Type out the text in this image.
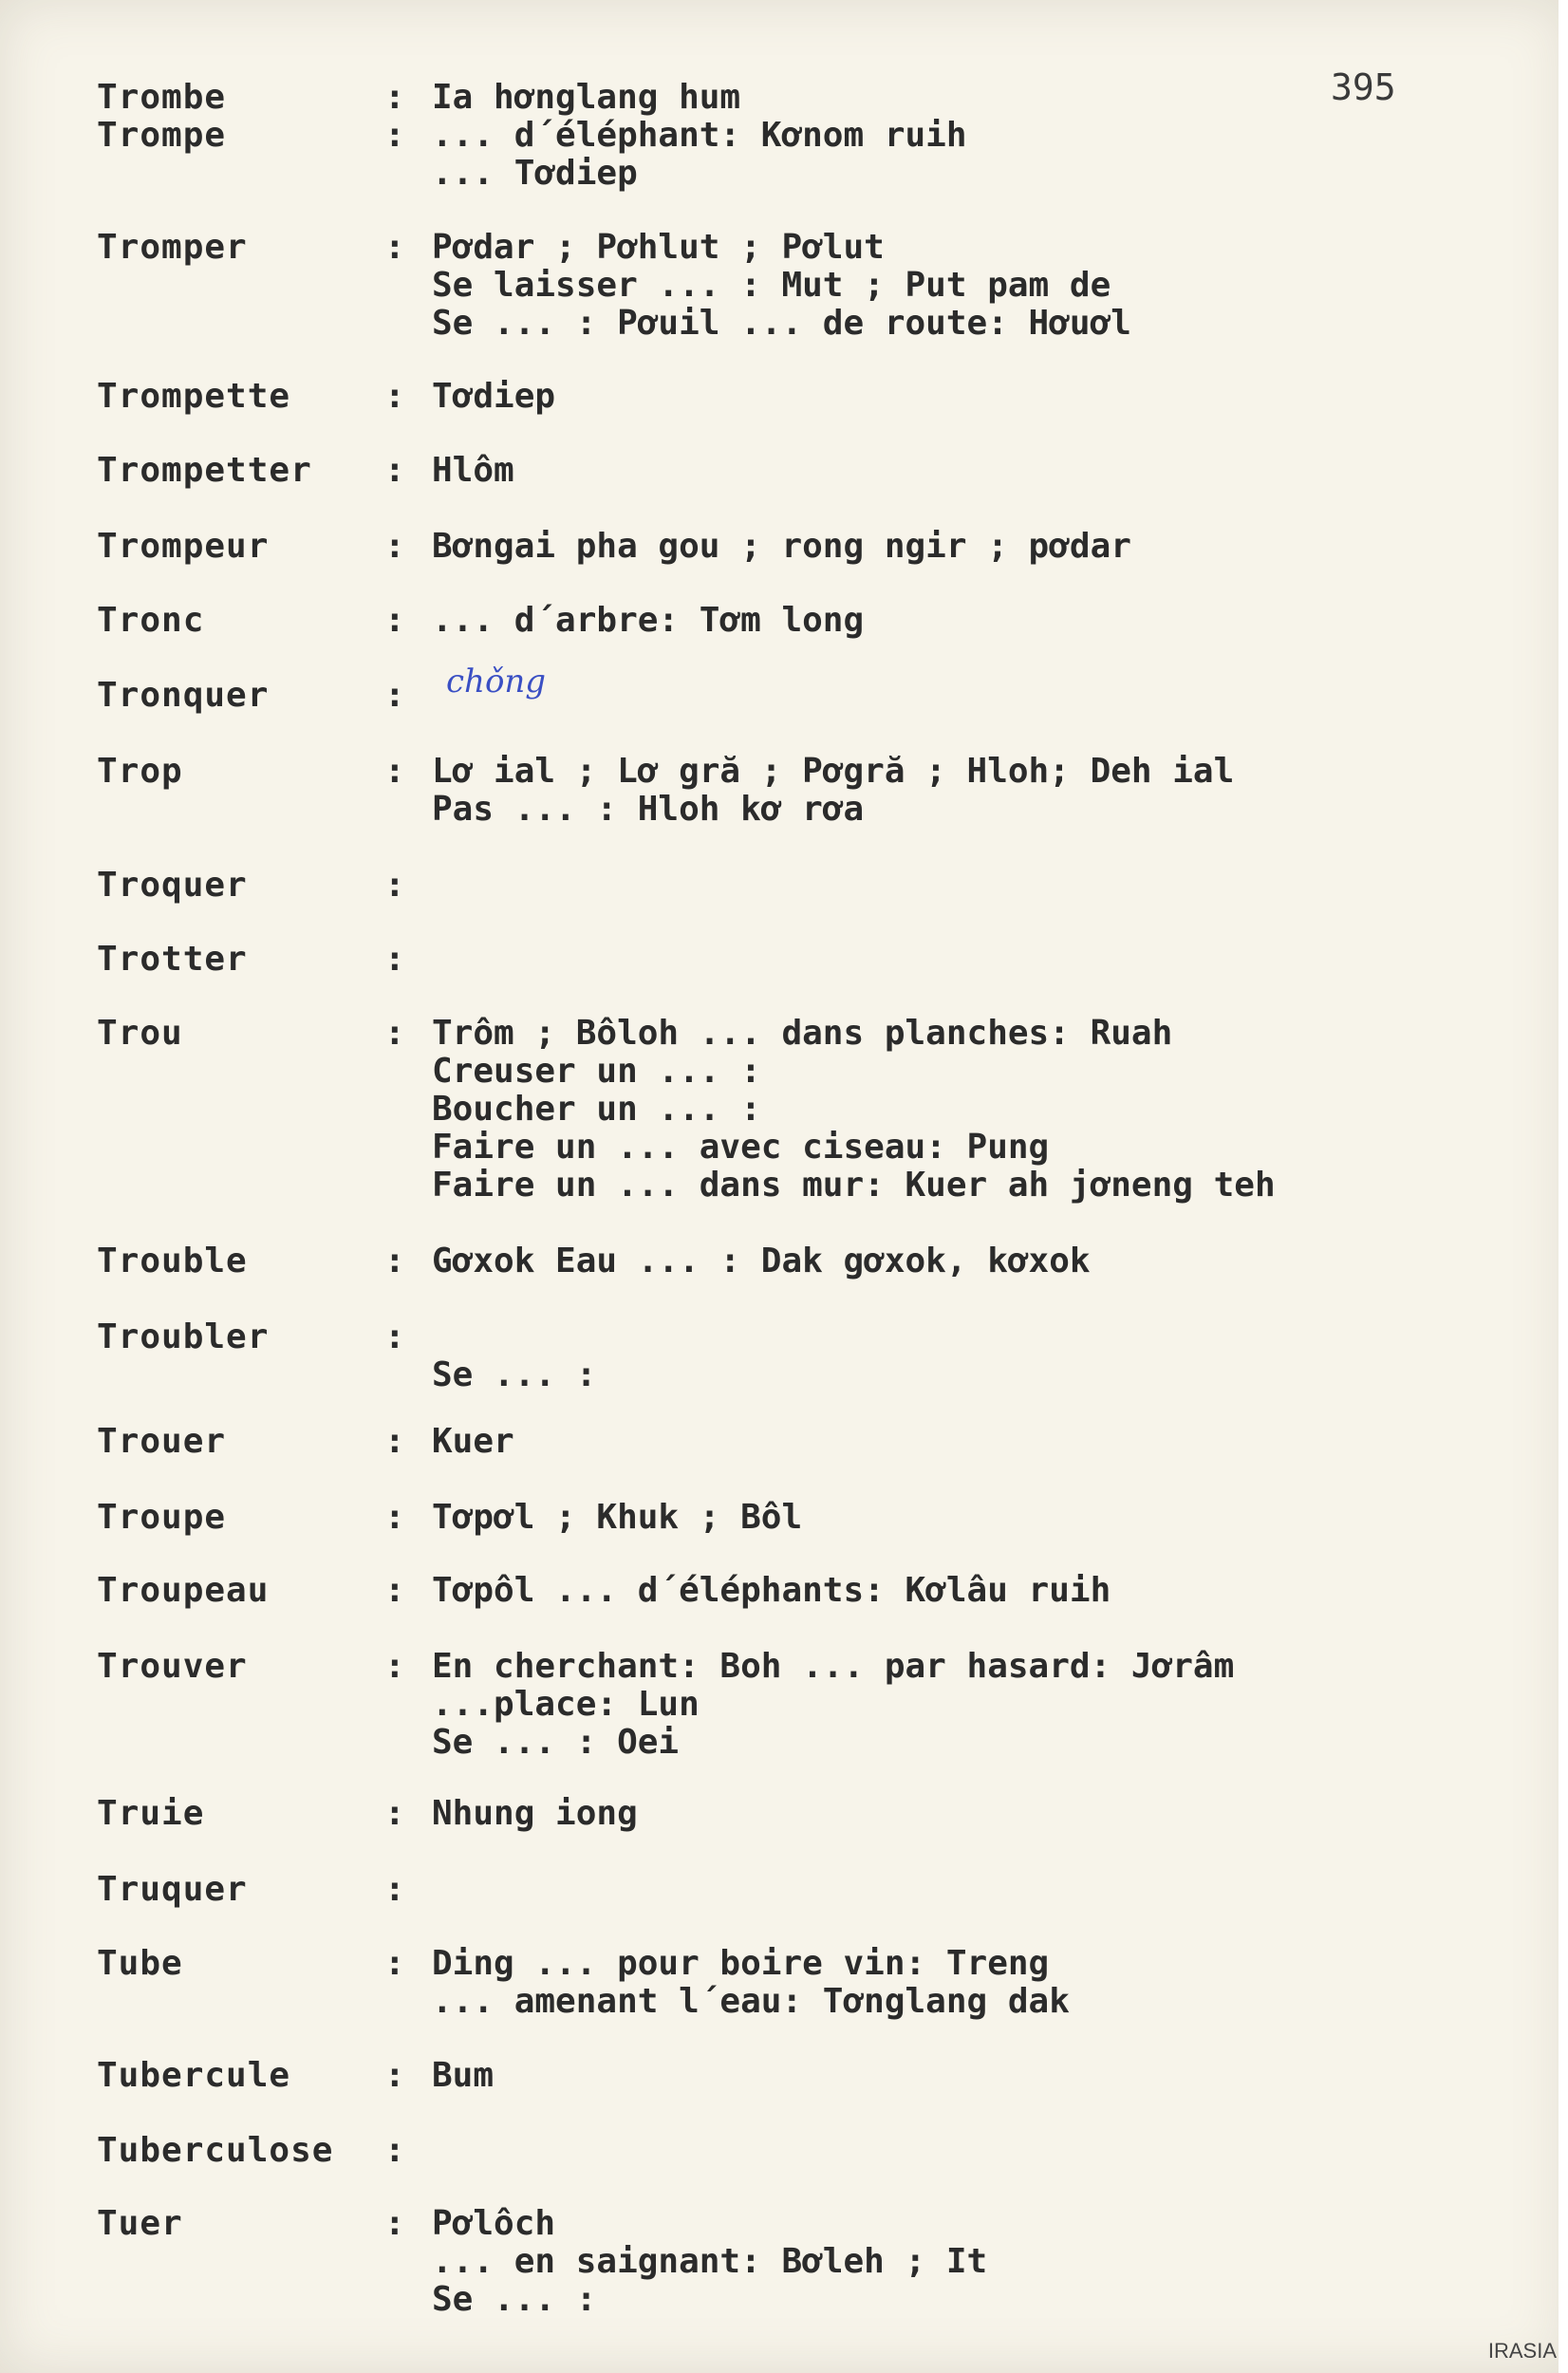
395
Trombe	: Ia hơnglang hum
Trompe	: ... d´éléphant: Kơnom ruih
... Tơdiep
Tromper	: Pơdar ; Pơhlut ; Pơlut
Se laisser ... : Mut ; Put pam de
Se ... : Pơuil ... de route: Hơuơl
Trompette	: Tơdiep
Trompetter : Hlôm
Trompeur	: Bơngai pha gou ; rong ngir ; pơdar
Tronc	: ... d´arbre: Tơm long
Tronquer	: chǒng
Trop	: Lơ ial ; Lơ gră ; Pơgră ; Hloh; Deh ial
Pas ... : Hloh kơ rơa
Troquer	:
Trotter	:
Trou	: Trôm ; Bôloh ... dans planches: Ruah
Creuser un ... :
Boucher un ... :
Faire un ... avec ciseau: Pung
Faire un ... dans mur: Kuer ah jơneng teh
Trouble	: Gơxok Eau ... : Dak gơxok, kơxok
Troubler	:
Se ... :
Trouer	: Kuer
Troupe	: Tơpơl ; Khuk ; Bôl
Troupeau	: Tơpôl ... d´éléphants: Kơlâu ruih
Trouver	: En cherchant: Boh ... par hasard: Jơrâm
...place: Lun
Se ... : Oei
Truie	: Nhung iong
Truquer	:
Tube	: Ding ... pour boire vin: Treng
... amenant l´eau: Tơnglang dak
Tubercule	: Bum
Tuberculose :
Tuer	: Pơlôch
... en saignant: Bơleh ; It
Se ... :
IRASIA
